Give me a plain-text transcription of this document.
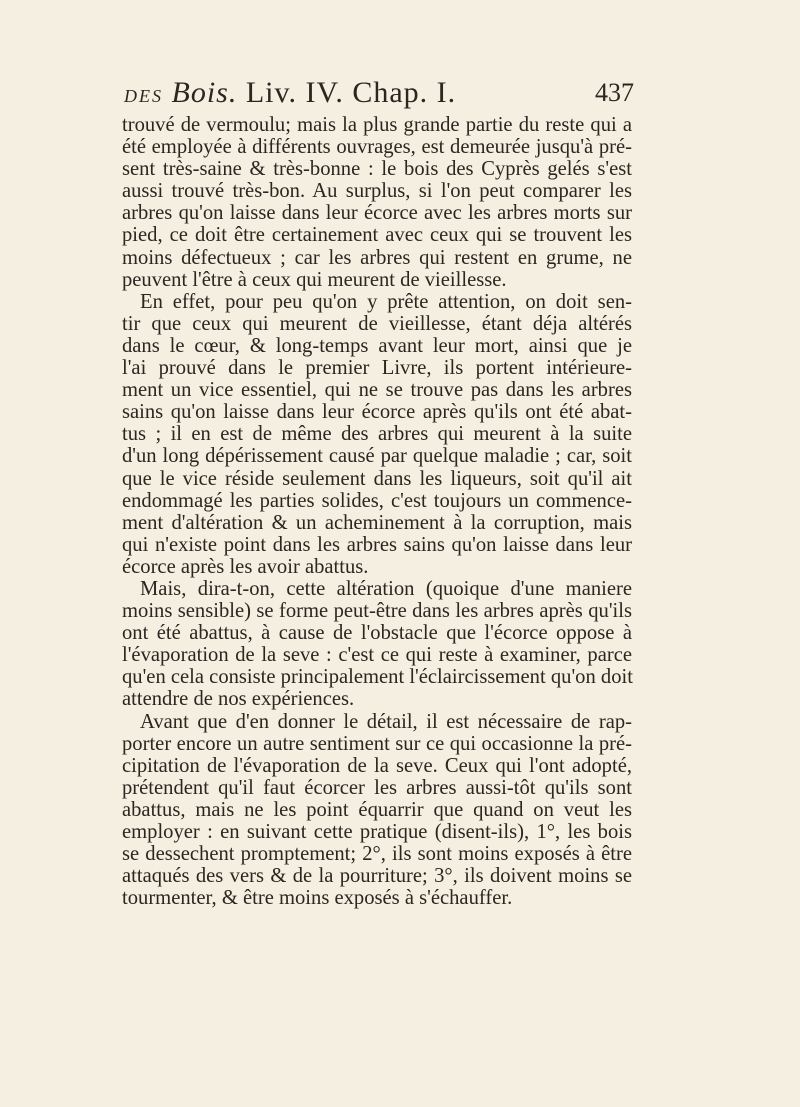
DES Bois. Liv. IV. Chap. I.	437
trouvé de vermoulu; mais la plus grande partie du reste qui a
été employée à différents ouvrages, est demeurée jusqu'à pré-
sent très-saine & très-bonne : le bois des Cyprès gelés s'est
aussi trouvé très-bon. Au surplus, si l'on peut comparer les
arbres qu'on laisse dans leur écorce avec les arbres morts sur
pied, ce doit être certainement avec ceux qui se trouvent les
moins défectueux ; car les arbres qui restent en grume, ne
peuvent l'être à ceux qui meurent de vieillesse.
En effet, pour peu qu'on y prête attention, on doit sen-
tir que ceux qui meurent de vieillesse, étant déja altérés
dans le cœur, & long-temps avant leur mort, ainsi que je
l'ai prouvé dans le premier Livre, ils portent intérieure-
ment un vice essentiel, qui ne se trouve pas dans les arbres
sains qu'on laisse dans leur écorce après qu'ils ont été abat-
tus ; il en est de même des arbres qui meurent à la suite
d'un long dépérissement causé par quelque maladie ; car, soit
que le vice réside seulement dans les liqueurs, soit qu'il ait
endommagé les parties solides, c'est toujours un commence-
ment d'altération & un acheminement à la corruption, mais
qui n'existe point dans les arbres sains qu'on laisse dans leur
écorce après les avoir abattus.
Mais, dira-t-on, cette altération (quoique d'une maniere
moins sensible) se forme peut-être dans les arbres après qu'ils
ont été abattus, à cause de l'obstacle que l'écorce oppose à
l'évaporation de la seve : c'est ce qui reste à examiner, parce
qu'en cela consiste principalement l'éclaircissement qu'on doit
attendre de nos expériences.
Avant que d'en donner le détail, il est nécessaire de rap-
porter encore un autre sentiment sur ce qui occasionne la pré-
cipitation de l'évaporation de la seve. Ceux qui l'ont adopté,
prétendent qu'il faut écorcer les arbres aussi-tôt qu'ils sont
abattus, mais ne les point équarrir que quand on veut les
employer : en suivant cette pratique (disent-ils), 1°, les bois
se dessechent promptement; 2°, ils sont moins exposés à être
attaqués des vers & de la pourriture; 3°, ils doivent moins se
tourmenter, & être moins exposés à s'échauffer.
